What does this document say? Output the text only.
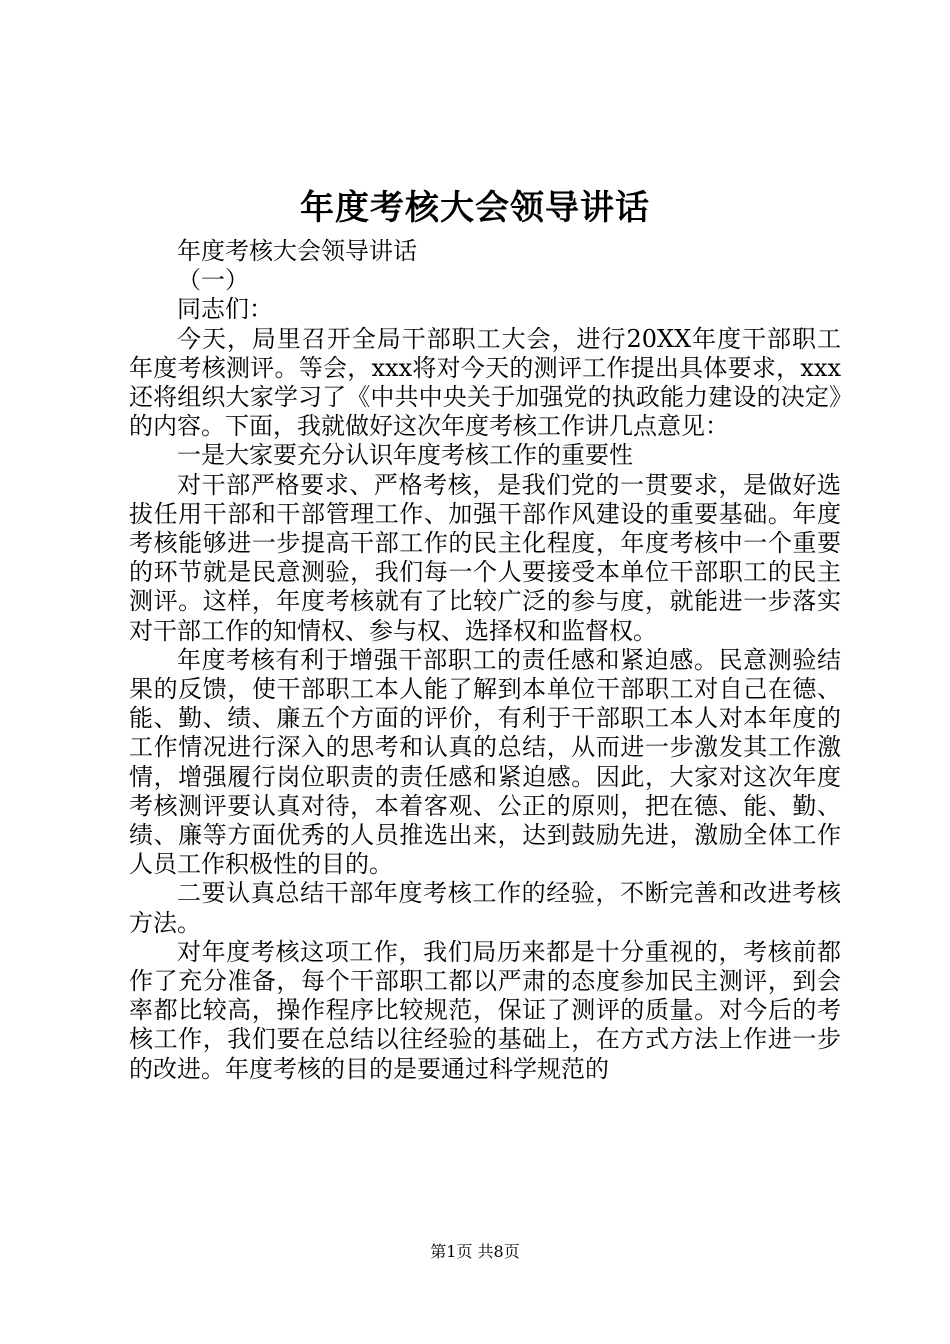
年度考核大会领导讲话

年度考核大会领导讲话

（一）

同志们：

今天，局里召开全局干部职工大会，进行20XX年度干部职工年度考核测评。等会，xxx将对今天的测评工作提出具体要求，xxx还将组织大家学习了《中共中央关于加强党的执政能力建设的决定》的内容。下面，我就做好这次年度考核工作讲几点意见：

一是大家要充分认识年度考核工作的重要性

对干部严格要求、严格考核，是我们党的一贯要求，是做好选拔任用干部和干部管理工作、加强干部作风建设的重要基础。年度考核能够进一步提高干部工作的民主化程度，年度考核中一个重要的环节就是民意测验，我们每一个人要接受本单位干部职工的民主测评。这样，年度考核就有了比较广泛的参与度，就能进一步落实对干部工作的知情权、参与权、选择权和监督权。

年度考核有利于增强干部职工的责任感和紧迫感。民意测验结果的反馈，使干部职工本人能了解到本单位干部职工对自己在德、能、勤、绩、廉五个方面的评价，有利于干部职工本人对本年度的工作情况进行深入的思考和认真的总结，从而进一步激发其工作激情，增强履行岗位职责的责任感和紧迫感。因此，大家对这次年度考核测评要认真对待，本着客观、公正的原则，把在德、能、勤、绩、廉等方面优秀的人员推选出来，达到鼓励先进，激励全体工作人员工作积极性的目的。

二要认真总结干部年度考核工作的经验，不断完善和改进考核方法。

对年度考核这项工作，我们局历来都是十分重视的，考核前都作了充分准备，每个干部职工都以严肃的态度参加民主测评，到会率都比较高，操作程序比较规范，保证了测评的质量。对今后的考核工作，我们要在总结以往经验的基础上，在方式方法上作进一步的改进。年度考核的目的是要通过科学规范的

第1页 共8页
